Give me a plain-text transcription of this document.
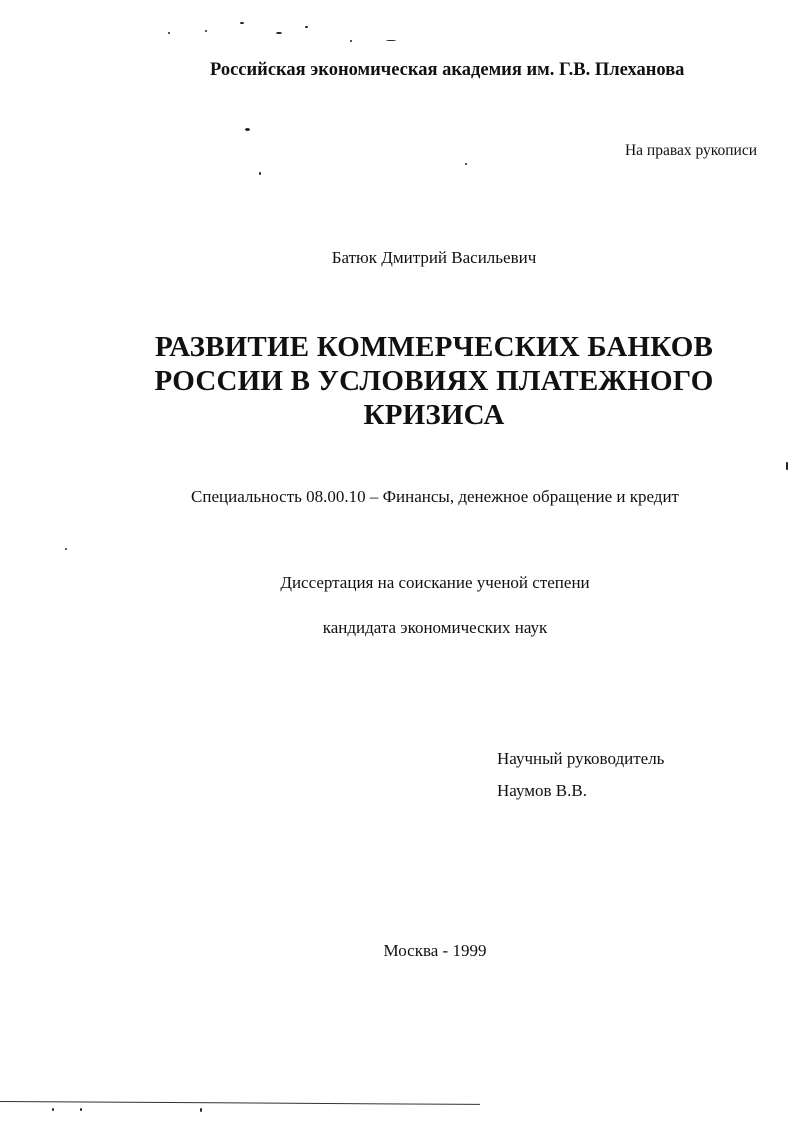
Российская экономическая академия им. Г.В. Плеханова
На правах рукописи
Батюк Дмитрий Васильевич
РАЗВИТИЕ КОММЕРЧЕСКИХ БАНКОВ
РОССИИ В УСЛОВИЯХ ПЛАТЕЖНОГО
КРИЗИСА
Специальность 08.00.10 – Финансы, денежное обращение и кредит
Диссертация на соискание ученой степени
кандидата экономических наук
Научный руководитель
Наумов В.В.
Москва - 1999
